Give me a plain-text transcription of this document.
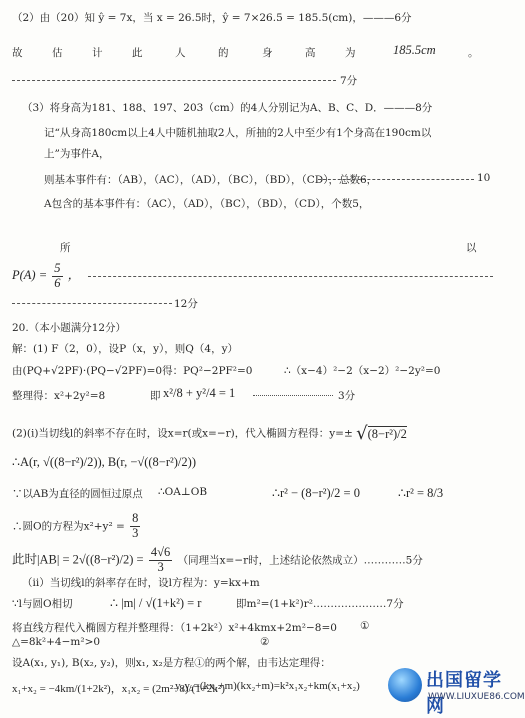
（2）由（20）知 ŷ = 7x，当 x = 26.5时，ŷ = 7×26.5 = 185.5(cm)，———6分
故	估	计	此	人	的	身	高	为	185.5cm	。
7分
（3）将身高为181、188、197、203（cm）的4人分别记为A、B、C、D．———8分
记“从身高180cm以上4人中随机抽取2人，所抽的2人中至少有1个身高在190cm以
上”为事件A，
则基本事件有：（AB），（AC），（AD），（BC），（BD），（CD），总数6，	10
A包含的基本事件有：（AC），（AD），（BC），（BD），（CD），个数5，
所	以
$P(A) = \frac{5}{6}$ ，
12分
20.（本小题满分12分）
解：(1) F（2，0），设P（x，y），则Q（4，y）
由(PQ+√2PF)·(PQ−√2PF)=0得：PQ²−2PF²=0	∴（x−4）²−2（x−2）²−2y²=0
整理得：x²+2y²=8	即 x²/8 + y²/4 = 1	3分
(2)(i)当切线l的斜率不存在时，设x=r(或x=−r)，代入椭圆方程得：y=± √(8−r²)/2
∴A(r, √((8−r²)/2)), B(r, −√((8−r²)/2))
∵以AB为直径的圆恒过原点 ∴OA⊥OB	∴r² − (8−r²)/2 = 0	∴r² = 8/3
∴圆O的方程为$x^2+y^2 = \frac{8}{3}$
此时$|AB| = 2√((8-r^2)/2) = \frac{4√6}{3}$ （同理当x=−r时，上述结论依然成立）…………5分
（ii）当切线l的斜率存在时，设l方程为：y=kx+m
∵l与圆O相切	∴ |m| / √(1+k²) = r	即m²=(1+k²)r²…………………7分
将直线方程代入椭圆方程并整理得：（1+2k²）x²+4kmx+2m²−8=0 ①
△=8k²+4−m²>0	②
设A(x₁, y₁), B(x₂, y₂)，则x₁, x₂是方程①的两个解，由韦达定理得：
x₁+x₂ = −4km/(1+2k²)，x₁x₂ = (2m²−8)/(1+2k²)
y₁y₂=(kx₁+m)(kx₂+m)=k²x₁x₂+km(x₁+x₂)	出国留学网
WWW.LIUXUE86.COM
